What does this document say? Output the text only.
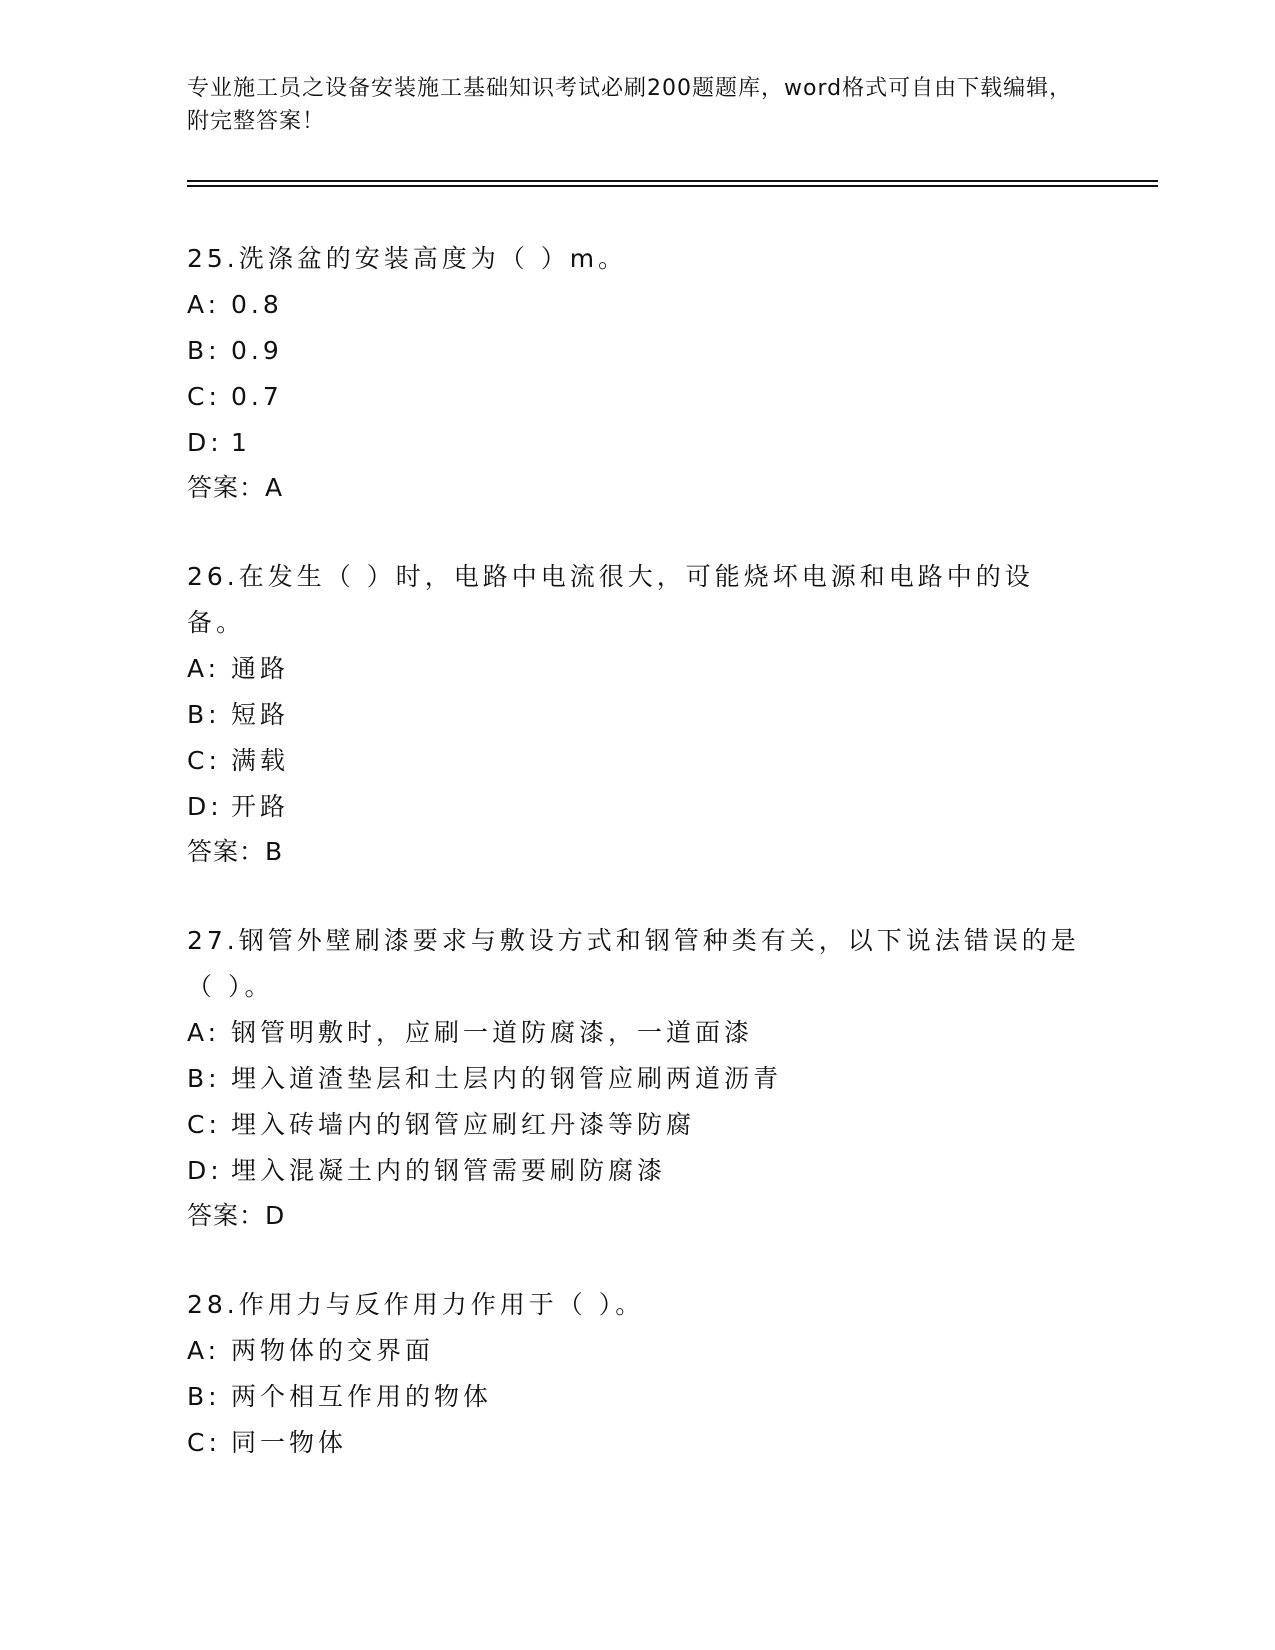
专业施工员之设备安装施工基础知识考试必刷200题题库，word格式可自由下载编辑，附完整答案！
25.洗涤盆的安装高度为（ ）m。
A: 0.8
B: 0.9
C: 0.7
D: 1
答案：A
26.在发生（ ）时，电路中电流很大，可能烧坏电源和电路中的设备。
A: 通路
B: 短路
C: 满载
D: 开路
答案：B
27.钢管外壁刷漆要求与敷设方式和钢管种类有关，以下说法错误的是（ ）。
A: 钢管明敷时，应刷一道防腐漆，一道面漆
B: 埋入道渣垫层和土层内的钢管应刷两道沥青
C: 埋入砖墙内的钢管应刷红丹漆等防腐
D: 埋入混凝土内的钢管需要刷防腐漆
答案：D
28.作用力与反作用力作用于（ ）。
A: 两物体的交界面
B: 两个相互作用的物体
C: 同一物体
